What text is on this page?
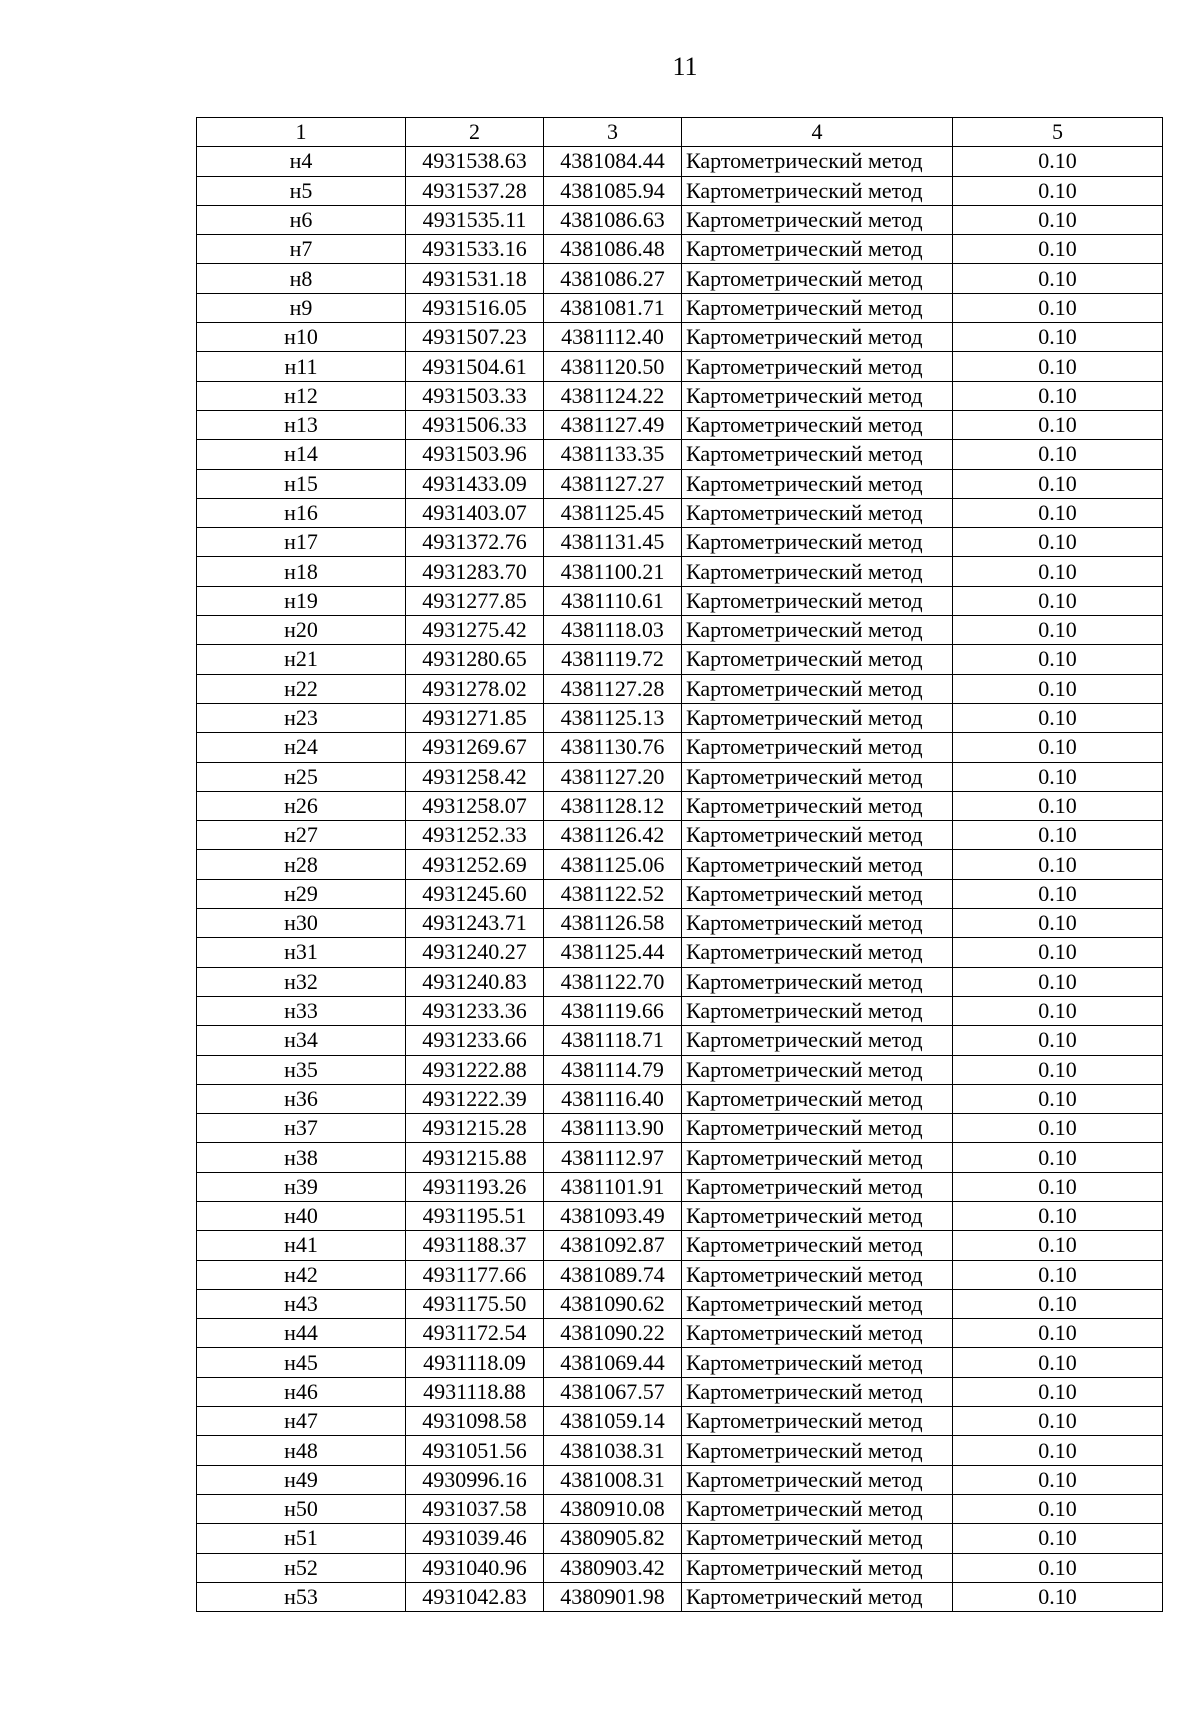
11
1	2	3	4	5
н4	4931538.63	4381084.44	Картометрический метод	0.10
н5	4931537.28	4381085.94	Картометрический метод	0.10
н6	4931535.11	4381086.63	Картометрический метод	0.10
н7	4931533.16	4381086.48	Картометрический метод	0.10
н8	4931531.18	4381086.27	Картометрический метод	0.10
н9	4931516.05	4381081.71	Картометрический метод	0.10
н10	4931507.23	4381112.40	Картометрический метод	0.10
н11	4931504.61	4381120.50	Картометрический метод	0.10
н12	4931503.33	4381124.22	Картометрический метод	0.10
н13	4931506.33	4381127.49	Картометрический метод	0.10
н14	4931503.96	4381133.35	Картометрический метод	0.10
н15	4931433.09	4381127.27	Картометрический метод	0.10
н16	4931403.07	4381125.45	Картометрический метод	0.10
н17	4931372.76	4381131.45	Картометрический метод	0.10
н18	4931283.70	4381100.21	Картометрический метод	0.10
н19	4931277.85	4381110.61	Картометрический метод	0.10
н20	4931275.42	4381118.03	Картометрический метод	0.10
н21	4931280.65	4381119.72	Картометрический метод	0.10
н22	4931278.02	4381127.28	Картометрический метод	0.10
н23	4931271.85	4381125.13	Картометрический метод	0.10
н24	4931269.67	4381130.76	Картометрический метод	0.10
н25	4931258.42	4381127.20	Картометрический метод	0.10
н26	4931258.07	4381128.12	Картометрический метод	0.10
н27	4931252.33	4381126.42	Картометрический метод	0.10
н28	4931252.69	4381125.06	Картометрический метод	0.10
н29	4931245.60	4381122.52	Картометрический метод	0.10
н30	4931243.71	4381126.58	Картометрический метод	0.10
н31	4931240.27	4381125.44	Картометрический метод	0.10
н32	4931240.83	4381122.70	Картометрический метод	0.10
н33	4931233.36	4381119.66	Картометрический метод	0.10
н34	4931233.66	4381118.71	Картометрический метод	0.10
н35	4931222.88	4381114.79	Картометрический метод	0.10
н36	4931222.39	4381116.40	Картометрический метод	0.10
н37	4931215.28	4381113.90	Картометрический метод	0.10
н38	4931215.88	4381112.97	Картометрический метод	0.10
н39	4931193.26	4381101.91	Картометрический метод	0.10
н40	4931195.51	4381093.49	Картометрический метод	0.10
н41	4931188.37	4381092.87	Картометрический метод	0.10
н42	4931177.66	4381089.74	Картометрический метод	0.10
н43	4931175.50	4381090.62	Картометрический метод	0.10
н44	4931172.54	4381090.22	Картометрический метод	0.10
н45	4931118.09	4381069.44	Картометрический метод	0.10
н46	4931118.88	4381067.57	Картометрический метод	0.10
н47	4931098.58	4381059.14	Картометрический метод	0.10
н48	4931051.56	4381038.31	Картометрический метод	0.10
н49	4930996.16	4381008.31	Картометрический метод	0.10
н50	4931037.58	4380910.08	Картометрический метод	0.10
н51	4931039.46	4380905.82	Картометрический метод	0.10
н52	4931040.96	4380903.42	Картометрический метод	0.10
н53	4931042.83	4380901.98	Картометрический метод	0.10
